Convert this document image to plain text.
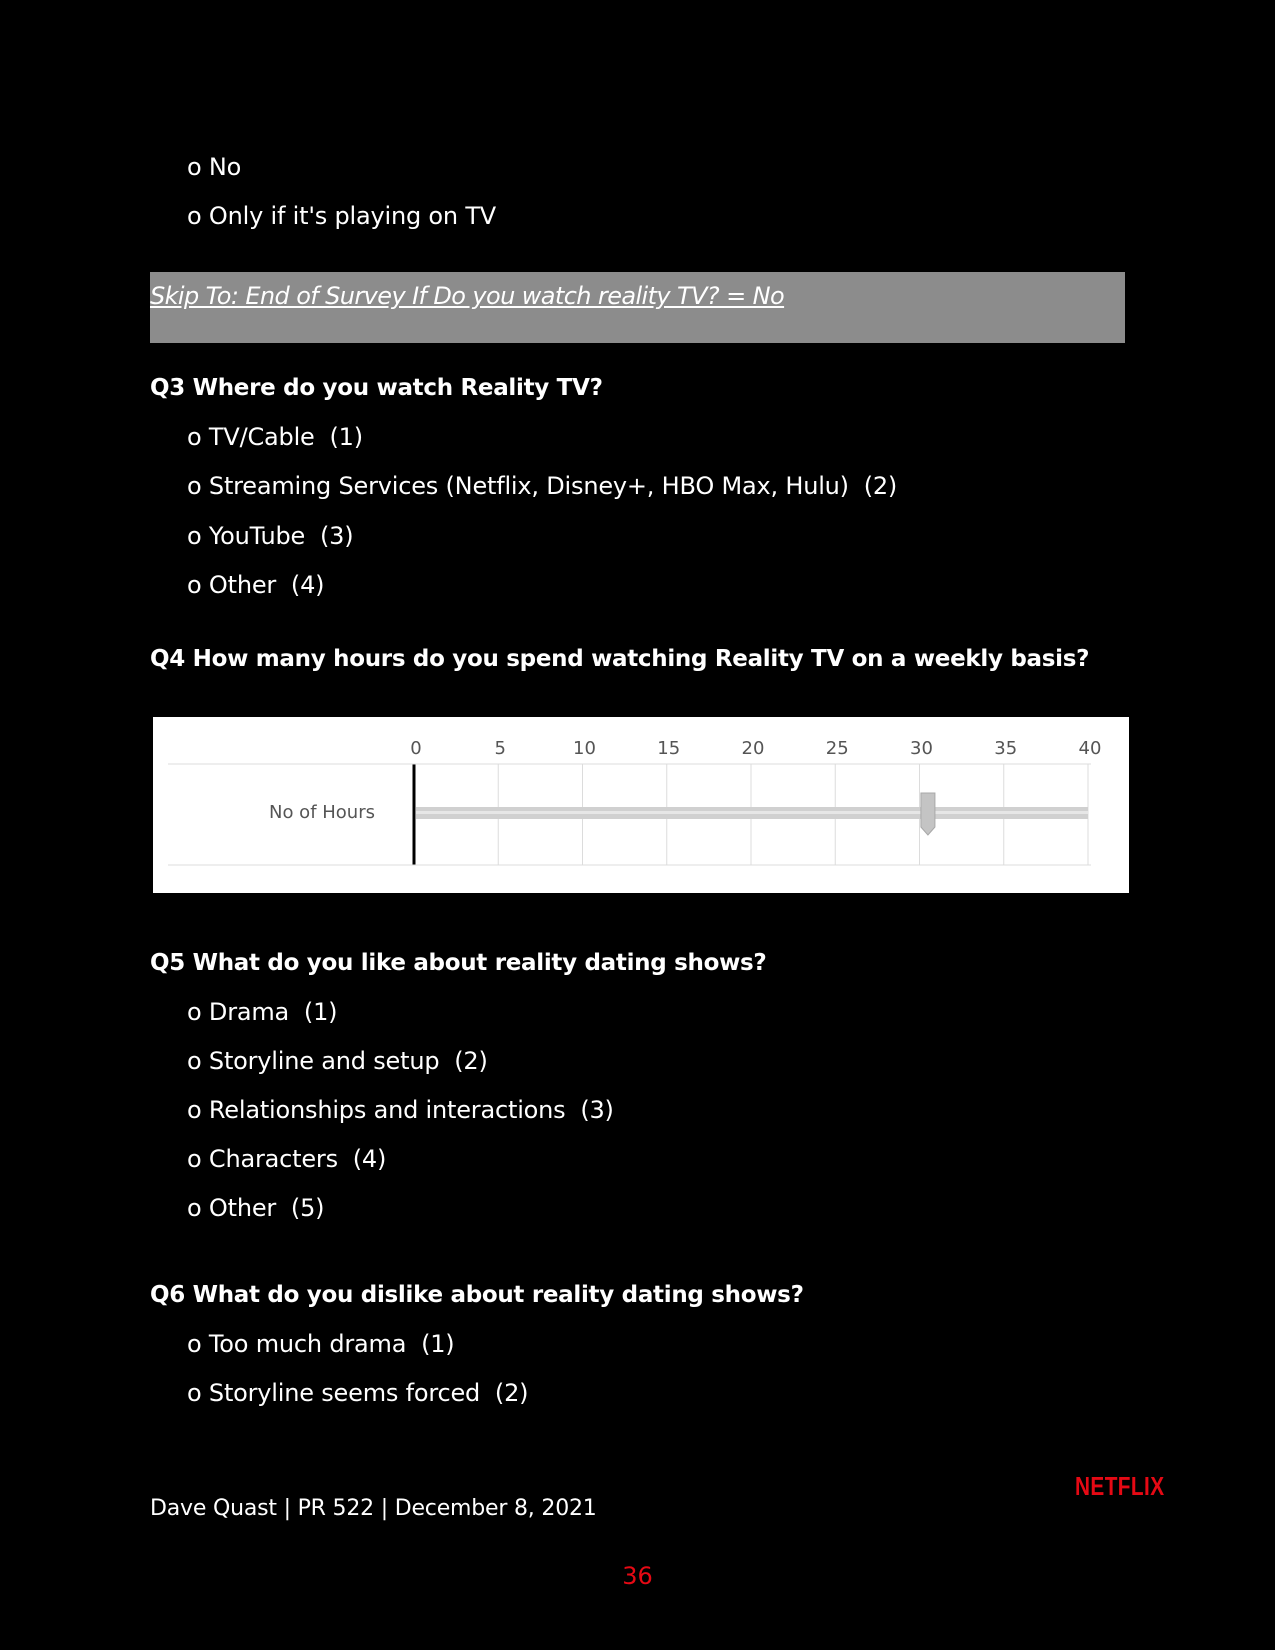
o No
o Only if it's playing on TV
Skip To: End of Survey If Do you watch reality TV? = No
Q3 Where do you watch Reality TV?
o TV/Cable  (1)
o Streaming Services (Netflix, Disney+, HBO Max, Hulu)  (2)
o YouTube  (3)
o Other  (4)
Q4 How many hours do you spend watching Reality TV on a weekly basis?
0	5	10	15	20	25	30	35	40
No of Hours
Q5 What do you like about reality dating shows?
o Drama  (1)
o Storyline and setup  (2)
o Relationships and interactions  (3)
o Characters  (4)
o Other  (5)
Q6 What do you dislike about reality dating shows?
o Too much drama  (1)
o Storyline seems forced  (2)
Dave Quast | PR 522 | December 8, 2021
NETFLIX
36
